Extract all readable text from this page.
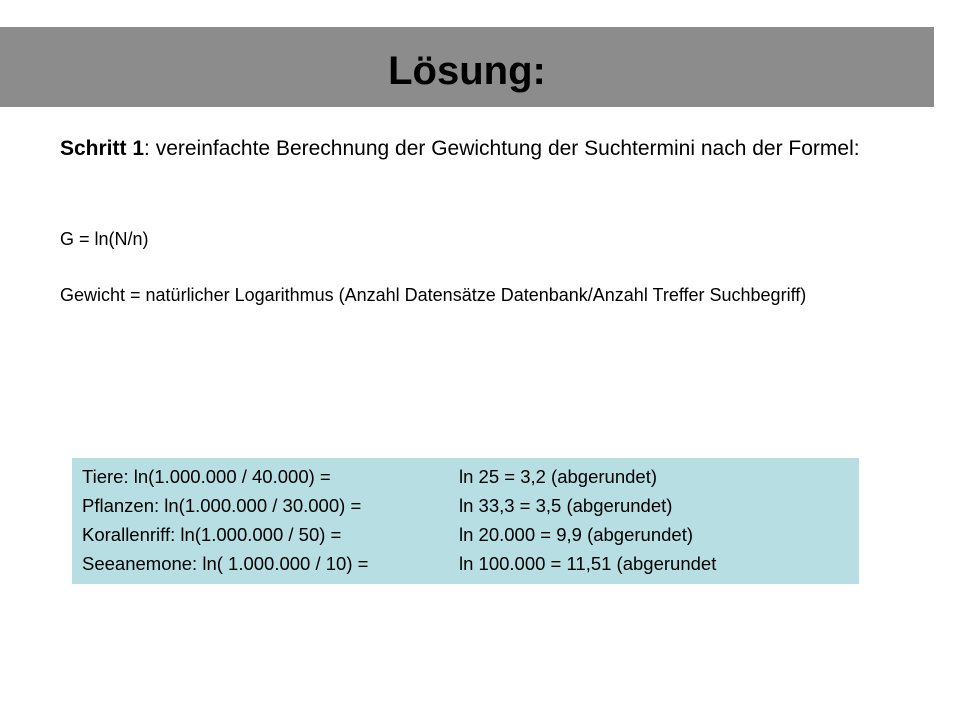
Lösung:
Schritt 1: vereinfachte Berechnung der Gewichtung der Suchtermini nach der Formel:
G = ln(N/n)
Gewicht = natürlicher Logarithmus (Anzahl Datensätze Datenbank/Anzahl Treffer Suchbegriff)
Tiere: ln(1.000.000 / 40.000) =	ln 25 = 3,2 (abgerundet)
Pflanzen: ln(1.000.000 / 30.000) =	ln 33,3 = 3,5 (abgerundet)
Korallenriff: ln(1.000.000 / 50) =	ln 20.000 = 9,9 (abgerundet)
Seeanemone: ln( 1.000.000 / 10) =	ln 100.000 = 11,51 (abgerundet
